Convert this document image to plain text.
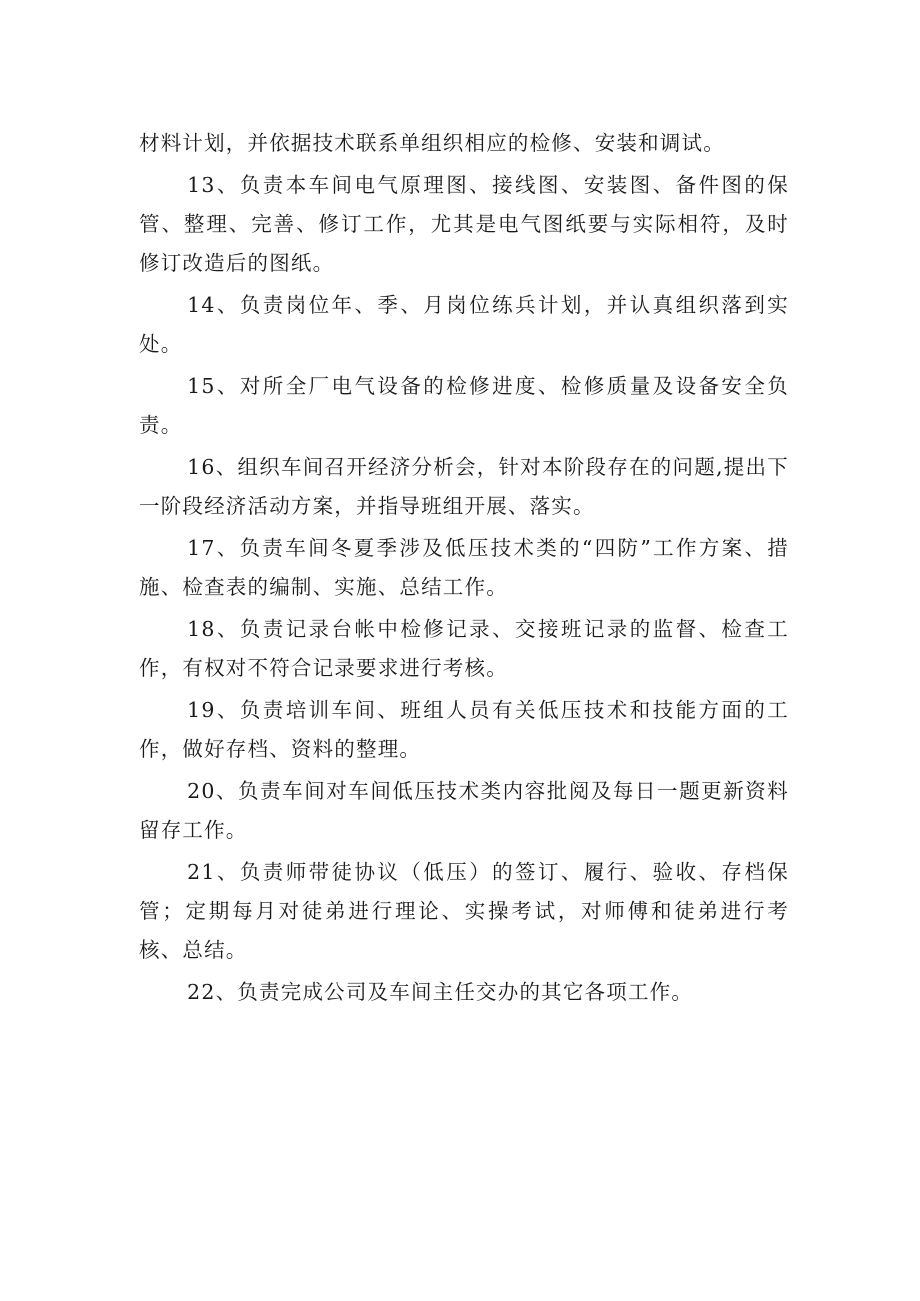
材料计划，并依据技术联系单组织相应的检修、安装和调试。

13、负责本车间电气原理图、接线图、安装图、备件图的保管、整理、完善、修订工作，尤其是电气图纸要与实际相符，及时修订改造后的图纸。

14、负责岗位年、季、月岗位练兵计划，并认真组织落到实处。

15、对所全厂电气设备的检修进度、检修质量及设备安全负责。

16、组织车间召开经济分析会，针对本阶段存在的问题,提出下一阶段经济活动方案，并指导班组开展、落实。

17、负责车间冬夏季涉及低压技术类的“四防”工作方案、措施、检查表的编制、实施、总结工作。

18、负责记录台帐中检修记录、交接班记录的监督、检查工作，有权对不符合记录要求进行考核。

19、负责培训车间、班组人员有关低压技术和技能方面的工作，做好存档、资料的整理。

20、负责车间对车间低压技术类内容批阅及每日一题更新资料留存工作。

21、负责师带徒协议（低压）的签订、履行、验收、存档保管；定期每月对徒弟进行理论、实操考试，对师傅和徒弟进行考核、总结。

22、负责完成公司及车间主任交办的其它各项工作。
